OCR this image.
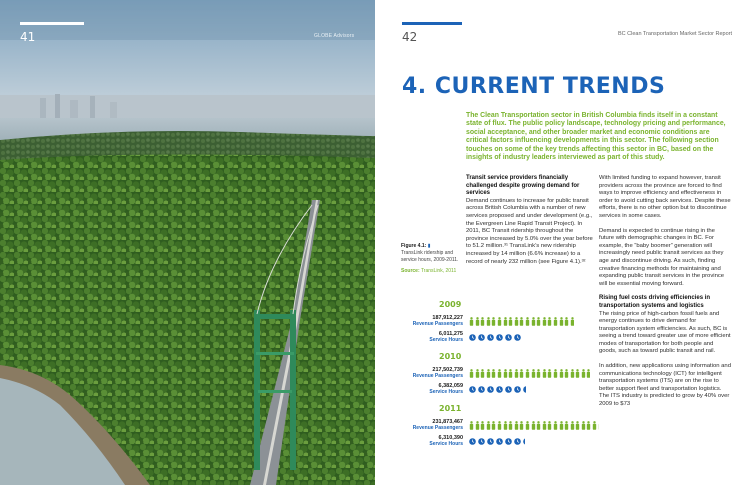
41	GLOBE Advisors	42	BC Clean Transportation Market Sector Report
4. CURRENT TRENDS

The Clean Transportation sector in British Columbia finds itself in a constant state of flux. The public policy landscape, technology pricing and performance, social acceptance, and other broader market and economic conditions are critical factors influencing developments in this sector. The following section touches on some of the key trends affecting this sector in BC, based on the insights of industry leaders interviewed as part of this study.

Transit service providers financially challenged despite growing demand for services

Demand continues to increase for public transit across British Columbia with a number of new services proposed and under development (e.g., the Evergreen Line Rapid Transit Project). In 2011, BC Transit ridership throughout the province increased by 5.0% over the year before to 51.2 million.³¹ TransLink’s new ridership increased by 14 million (6.6% increase) to a record of nearly 232 million (see Figure 4.1).³²

With limited funding to expand however, transit providers across the province are forced to find ways to improve efficiency and effectiveness in order to avoid cutting back services. Despite these efforts, there is no other option but to discontinue services in some cases.

Demand is expected to continue rising in the future with demographic changes in BC. For example, the “baby boomer” generation will increasingly need public transit services as they age and discontinue driving. As such, finding creative financing methods for maintaining and expanding public transit services in the province will be essential moving forward.

Rising fuel costs driving efficiencies in transportation systems and logistics

The rising price of high-carbon fossil fuels and energy continues to drive demand for transportation system efficiencies. As such, BC is seeing a trend toward greater use of more efficient modes of transportation for both people and goods, such as toward public transit and rail.

In addition, new applications using information and communications technology (ICT) for intelligent transportation systems (ITS) are on the rise to better support fleet and transportation logistics. The ITS industry is predicted to grow by 40% over 2009 to $73

Figure 4.1: ▮
TransLink ridership and service hours, 2009-2011.
Source: TransLink, 2011
2009
187,912,227
Revenue Passengers
6,011,275
Service Hours
2010
217,502,739
Revenue Passengers
6,382,059
Service Hours
2011
231,873,467
Revenue Passengers
6,310,390
Service Hours
